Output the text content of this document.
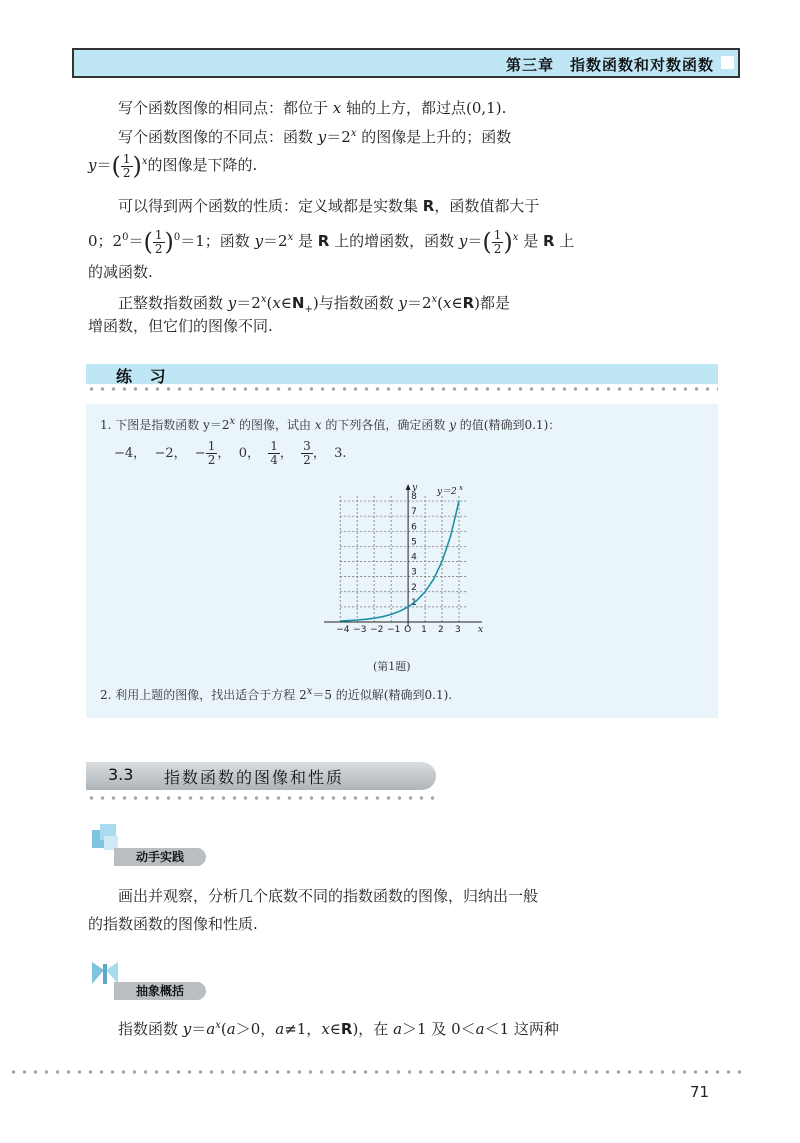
第三章 指数函数和对数函数
写个函数图像的相同点：都位于 x 轴的上方，都过点(0,1).
写个函数图像的不同点：函数 $y=2^x$ 的图像是上升的；函数
$y=( \frac{1}{2} )^x$的图像是下降的.
可以得到两个函数的性质：定义域都是实数集 R，函数值都大于
0；$2^0=( \frac{1}{2} )^0=1$；函数 $y=2^x$ 是 R 上的增函数，函数 $y=( \frac{1}{2} )^x$ 是 R 上
的减函数.
正整数指数函数 $y=2^x(x\in N_+)$与指数函数 $y=2^x(x\in R)$都是
增函数，但它们的图像不同.
练 习
1. 下图是指数函数 $y=2^x$ 的图像，试由 x 的下列各值，确定函数 y 的值(精确到0.1)：
−4， −2， − $\frac{1}{2}$ ， 0， $\frac{1}{4}$ ， $\frac{3}{2}$ ， 3.
1
2
3
4
5
6
7
8
−4 −3 −2 −1 O 1 2 3 x
y y＝2 x
(第1题)
2. 利用上题的图像，找出适合于方程 $2^x=5$ 的近似解(精确到0.1).
3.3 指数函数的图像和性质
动手实践
画出并观察，分析几个底数不同的指数函数的图像，归纳出一般
的指数函数的图像和性质.
抽象概括
指数函数 $y=a^x(a>0$，a≠1，x∈R)，在 a＞1 及 0＜a＜1 这两种
71
